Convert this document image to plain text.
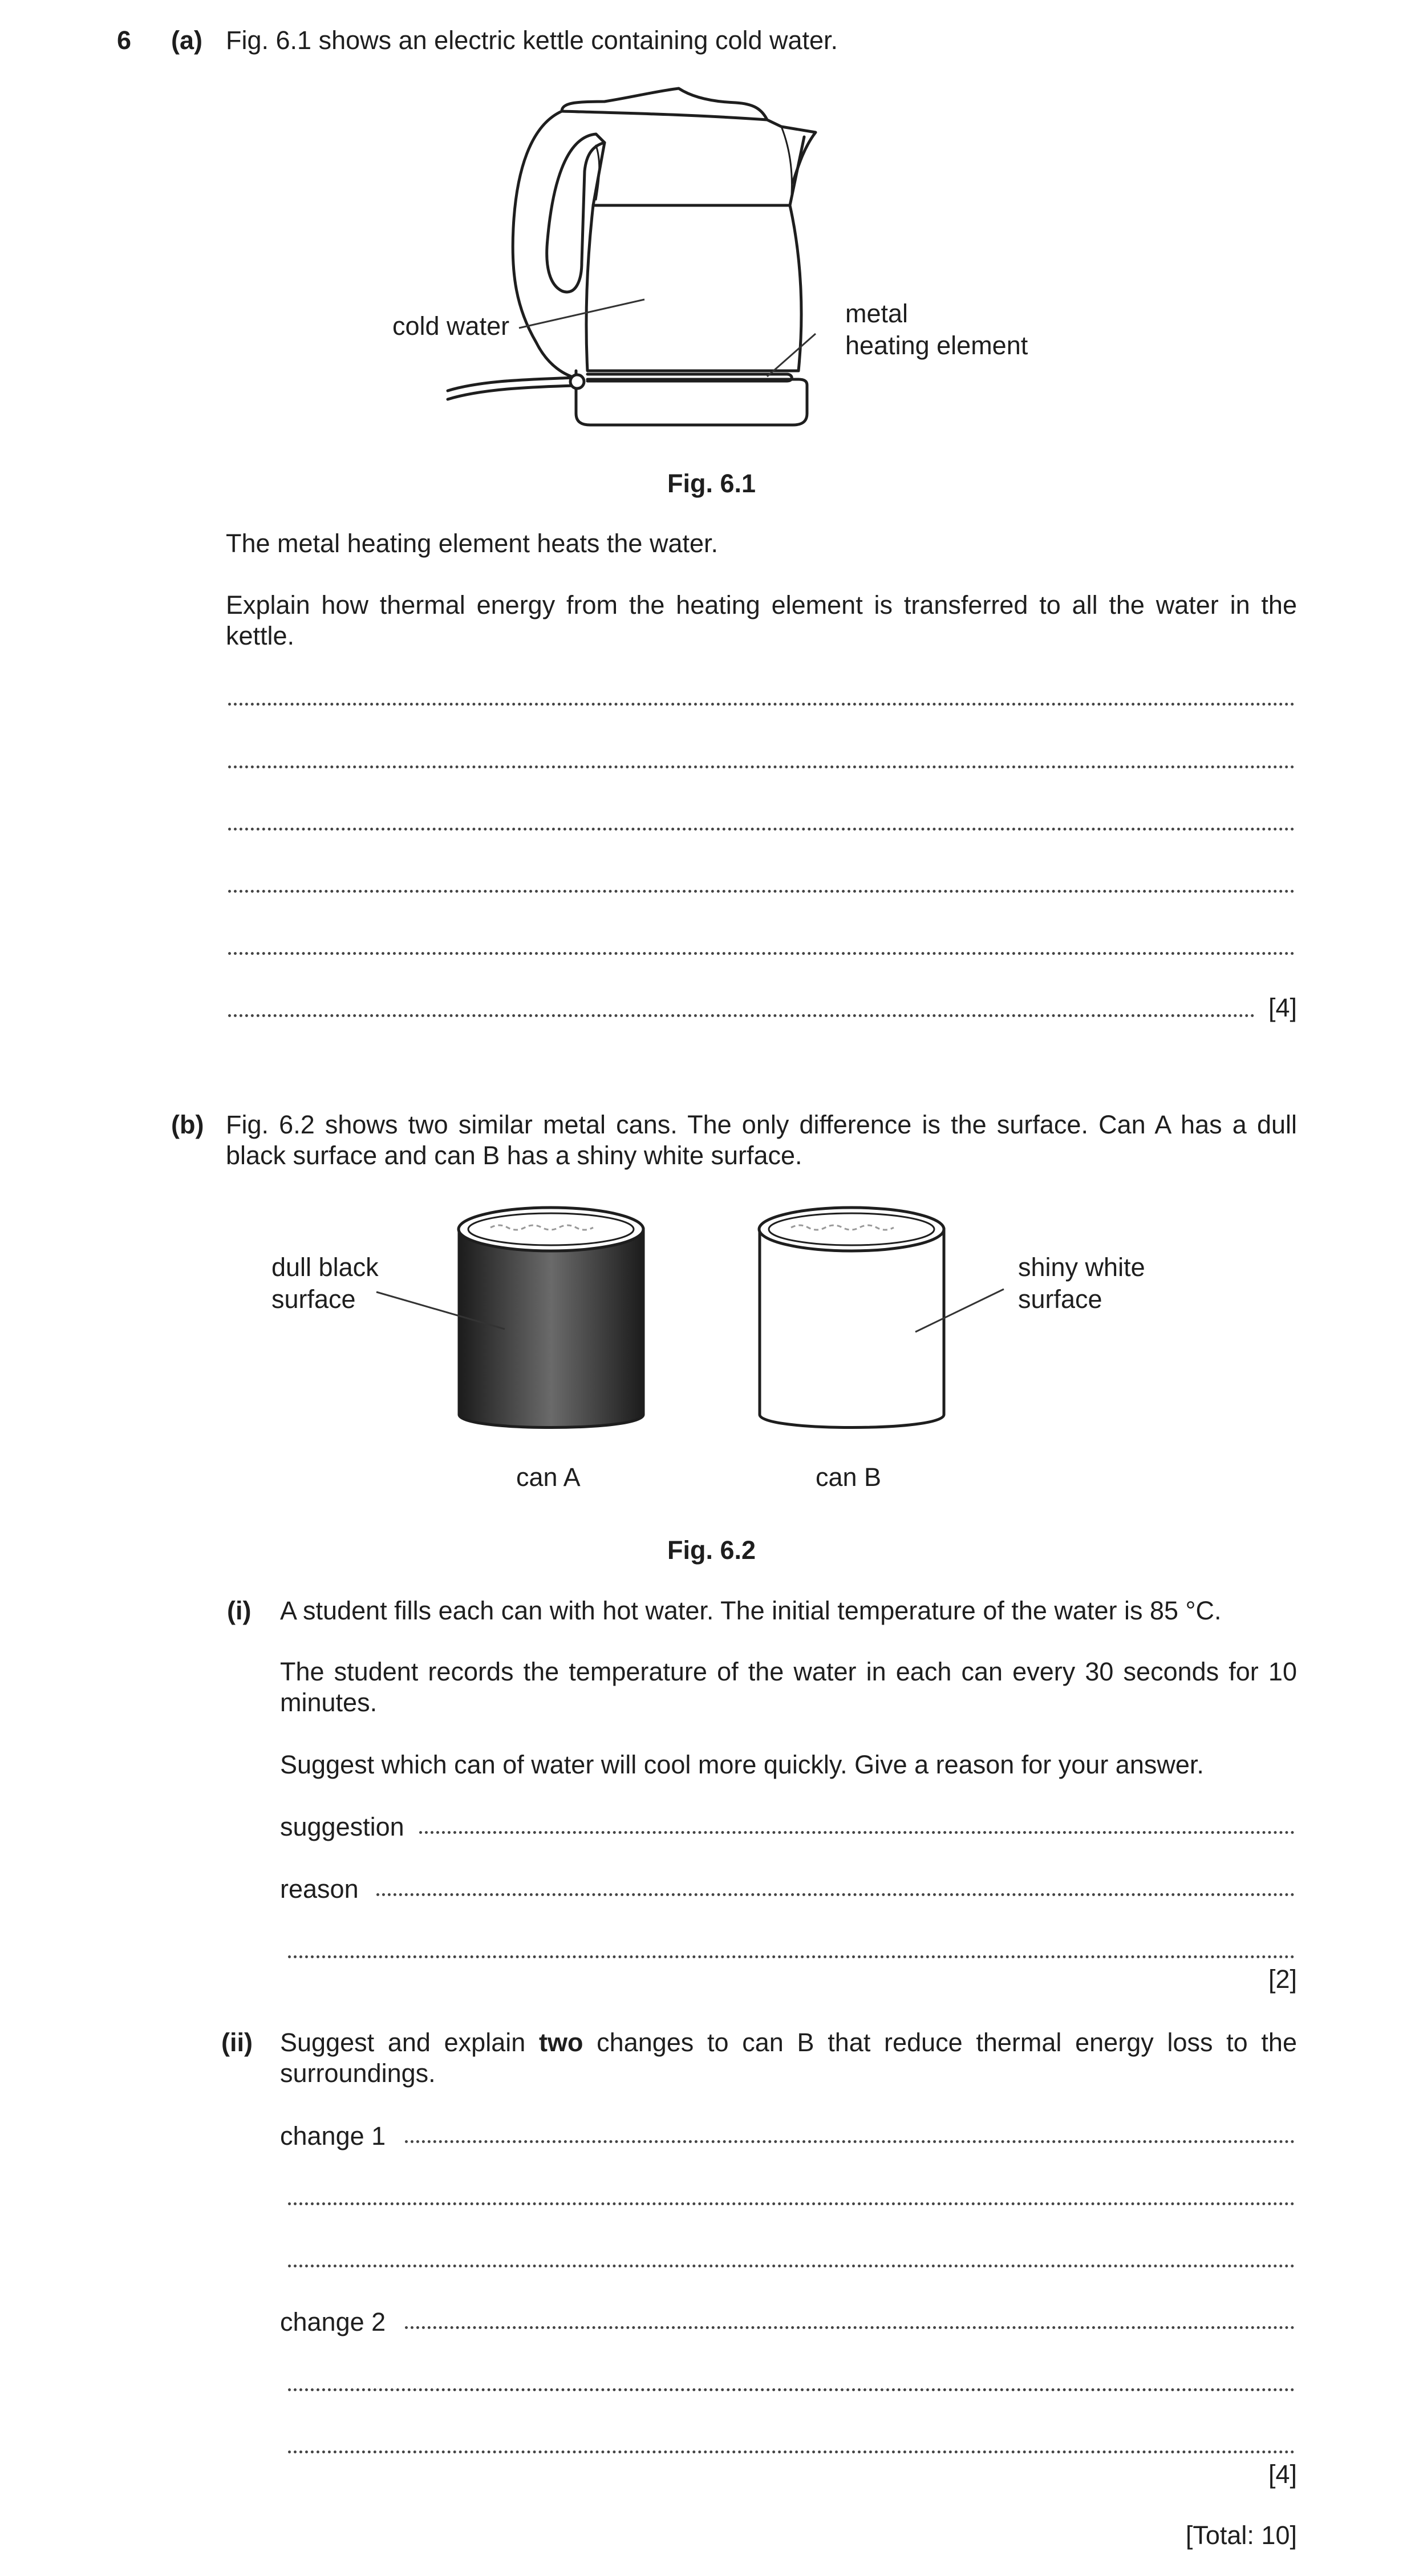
6 (a) Fig. 6.1 shows an electric kettle containing cold water.
cold water	metal
heating element
Fig. 6.1
The metal heating element heats the water.
Explain how thermal energy from the heating element is transferred to all the water in the kettle.
[4]
(b) Fig. 6.2 shows two similar metal cans. The only difference is the surface. Can A has a dull black surface and can B has a shiny white surface.
dull black
surface
shiny white
surface
can A	can B
Fig. 6.2
(i) A student fills each can with hot water. The initial temperature of the water is 85 °C.
The student records the temperature of the water in each can every 30 seconds for 10 minutes.
Suggest which can of water will cool more quickly. Give a reason for your answer.
suggestion
reason
[2]
(ii) Suggest and explain two changes to can B that reduce thermal energy loss to the surroundings.
change 1
change 2
[4]
[Total: 10]
